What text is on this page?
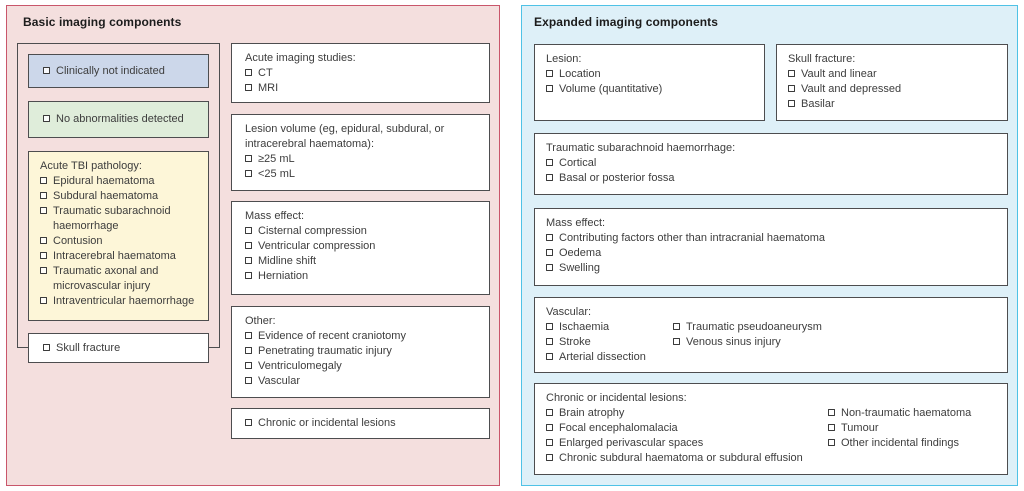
Basic imaging components
Clinically not indicated
No abnormalities detected
Acute TBI pathology:
Epidural haematoma
Subdural haematoma
Traumatic subarachnoid haemorrhage
Contusion
Intracerebral haematoma
Traumatic axonal and microvascular injury
Intraventricular haemorrhage
Skull fracture
Acute imaging studies:
CT
MRI
Lesion volume (eg, epidural, subdural, or intracerebral haematoma):
≥25 mL
<25 mL
Mass effect:
Cisternal compression
Ventricular compression
Midline shift
Herniation
Other:
Evidence of recent craniotomy
Penetrating traumatic injury
Ventriculomegaly
Vascular
Chronic or incidental lesions
Expanded imaging components
Lesion:
Location
Volume (quantitative)
Skull fracture:
Vault and linear
Vault and depressed
Basilar
Traumatic subarachnoid haemorrhage:
Cortical
Basal or posterior fossa
Mass effect:
Contributing factors other than intracranial haematoma
Oedema
Swelling
Vascular:
Ischaemia
Stroke
Arterial dissection
Traumatic pseudoaneurysm
Venous sinus injury
Chronic or incidental lesions:
Brain atrophy
Focal encephalomalacia
Enlarged perivascular spaces
Chronic subdural haematoma or subdural effusion
Non-traumatic haematoma
Tumour
Other incidental findings
